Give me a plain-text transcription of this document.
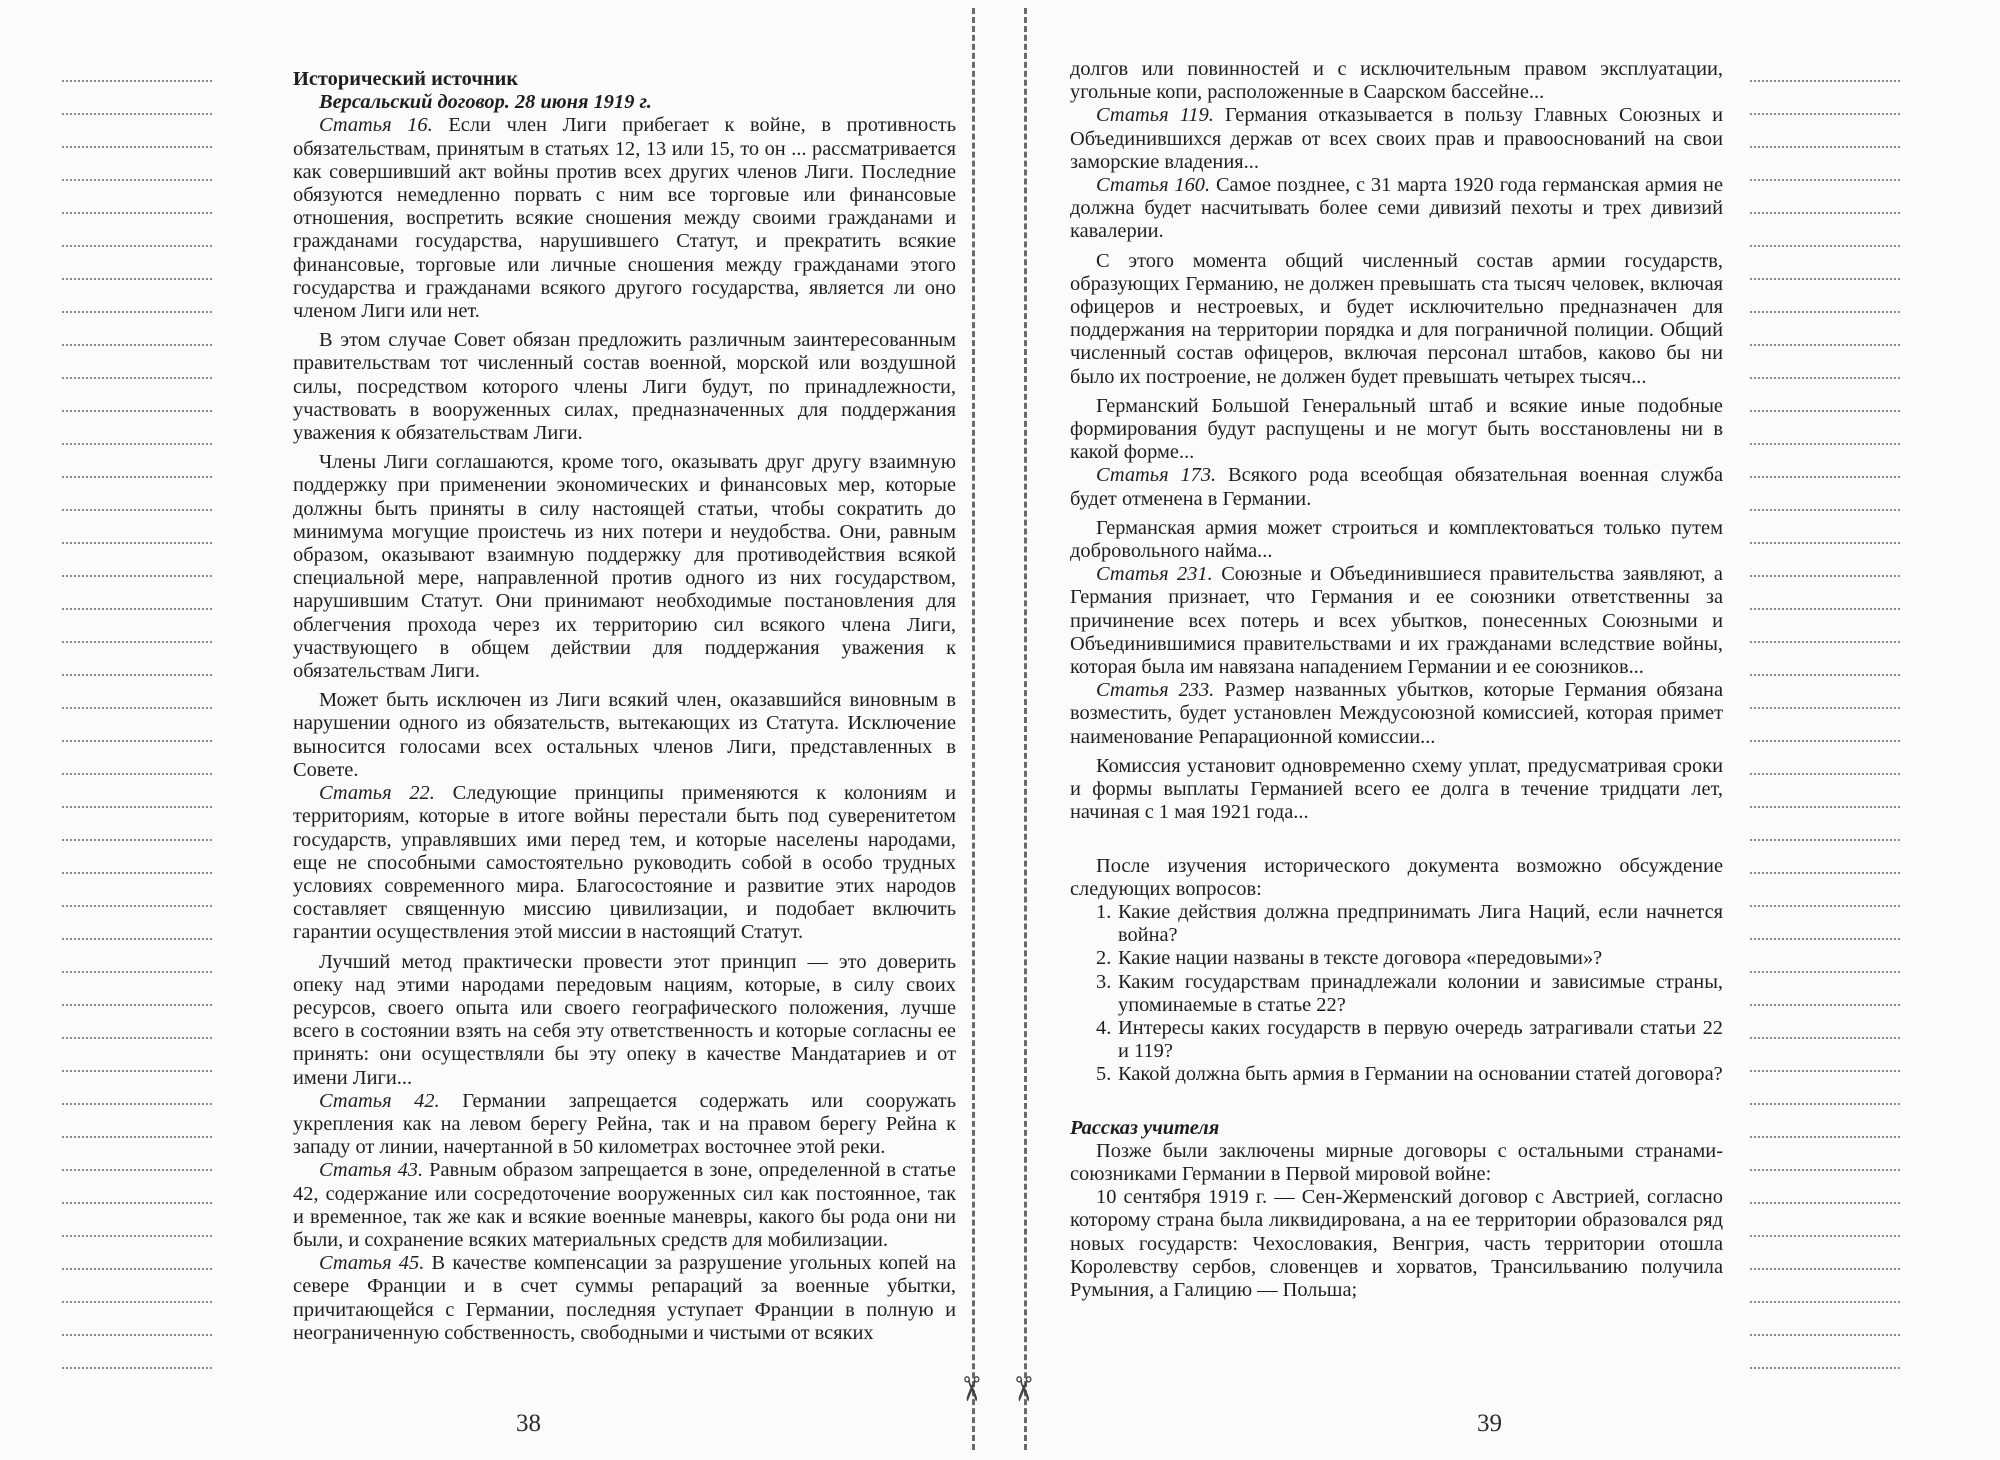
Исторический источник

Версальский договор. 28 июня 1919 г.

Статья 16. Если член Лиги прибегает к войне, в противность обязательствам, принятым в статьях 12, 13 или 15, то он ... рассматривается как совершивший акт войны против всех других членов Лиги. Последние обязуются немедленно порвать с ним все торговые или финансовые отношения, воспретить всякие сношения между своими гражданами и гражданами государства, нарушившего Статут, и прекратить всякие финансовые, торговые или личные сношения между гражданами этого государства и гражданами всякого другого государства, является ли оно членом Лиги или нет.

В этом случае Совет обязан предложить различным заинтересованным правительствам тот численный состав военной, морской или воздушной силы, посредством которого члены Лиги будут, по принадлежности, участвовать в вооруженных силах, предназначенных для поддержания уважения к обязательствам Лиги.

Члены Лиги соглашаются, кроме того, оказывать друг другу взаимную поддержку при применении экономических и финансовых мер, которые должны быть приняты в силу настоящей статьи, чтобы сократить до минимума могущие проистечь из них потери и неудобства. Они, равным образом, оказывают взаимную поддержку для противодействия всякой специальной мере, направленной против одного из них государством, нарушившим Статут. Они принимают необходимые постановления для облегчения прохода через их территорию сил всякого члена Лиги, участвующего в общем действии для поддержания уважения к обязательствам Лиги.

Может быть исключен из Лиги всякий член, оказавшийся виновным в нарушении одного из обязательств, вытекающих из Статута. Исключение выносится голосами всех остальных членов Лиги, представленных в Совете.

Статья 22. Следующие принципы применяются к колониям и территориям, которые в итоге войны перестали быть под суверенитетом государств, управлявших ими перед тем, и которые населены народами, еще не способными самостоятельно руководить собой в особо трудных условиях современного мира. Благосостояние и развитие этих народов составляет священную миссию цивилизации, и подобает включить гарантии осуществления этой миссии в настоящий Статут.

Лучший метод практически провести этот принцип — это доверить опеку над этими народами передовым нациям, которые, в силу своих ресурсов, своего опыта или своего географического положения, лучше всего в состоянии взять на себя эту ответственность и которые согласны ее принять: они осуществляли бы эту опеку в качестве Мандатариев и от имени Лиги...

Статья 42. Германии запрещается содержать или сооружать укрепления как на левом берегу Рейна, так и на правом берегу Рейна к западу от линии, начертанной в 50 километрах восточнее этой реки.

Статья 43. Равным образом запрещается в зоне, определенной в статье 42, содержание или сосредоточение вооруженных сил как постоянное, так и временное, так же как и всякие военные маневры, какого бы рода они ни были, и сохранение всяких материальных средств для мобилизации.

Статья 45. В качестве компенсации за разрушение угольных копей на севере Франции и в счет суммы репараций за военные убытки, причитающейся с Германии, последняя уступает Франции в полную и неограниченную собственность, свободными и чистыми от всяких

38
✂ ✂

долгов или повинностей и с исключительным правом эксплуатации, угольные копи, расположенные в Саарском бассейне...

Статья 119. Германия отказывается в пользу Главных Союзных и Объединившихся держав от всех своих прав и правооснований на свои заморские владения...

Статья 160. Самое позднее, с 31 марта 1920 года германская армия не должна будет насчитывать более семи дивизий пехоты и трех дивизий кавалерии.

С этого момента общий численный состав армии государств, образующих Германию, не должен превышать ста тысяч человек, включая офицеров и нестроевых, и будет исключительно предназначен для поддержания на территории порядка и для пограничной полиции. Общий численный состав офицеров, включая персонал штабов, каково бы ни было их построение, не должен будет превышать четырех тысяч...

Германский Большой Генеральный штаб и всякие иные подобные формирования будут распущены и не могут быть восстановлены ни в какой форме...

Статья 173. Всякого рода всеобщая обязательная военная служба будет отменена в Германии.

Германская армия может строиться и комплектоваться только путем добровольного найма...

Статья 231. Союзные и Объединившиеся правительства заявляют, а Германия признает, что Германия и ее союзники ответственны за причинение всех потерь и всех убытков, понесенных Союзными и Объединившимися правительствами и их гражданами вследствие войны, которая была им навязана нападением Германии и ее союзников...

Статья 233. Размер названных убытков, которые Германия обязана возместить, будет установлен Междусоюзной комиссией, которая примет наименование Репарационной комиссии...

Комиссия установит одновременно схему уплат, предусматривая сроки и формы выплаты Германией всего ее долга в течение тридцати лет, начиная с 1 мая 1921 года...

После изучения исторического документа возможно обсуждение следующих вопросов:

1. Какие действия должна предпринимать Лига Наций, если начнется война?
2. Какие нации названы в тексте договора «передовыми»?
3. Каким государствам принадлежали колонии и зависимые страны, упоминаемые в статье 22?
4. Интересы каких государств в первую очередь затрагивали статьи 22 и 119?
5. Какой должна быть армия в Германии на основании статей договора?

Рассказ учителя

Позже были заключены мирные договоры с остальными странами-союзниками Германии в Первой мировой войне:

10 сентября 1919 г. — Сен-Жерменский договор с Австрией, согласно которому страна была ликвидирована, а на ее территории образовался ряд новых государств: Чехословакия, Венгрия, часть территории отошла Королевству сербов, словенцев и хорватов, Трансильванию получила Румыния, а Галицию — Польша;

39
